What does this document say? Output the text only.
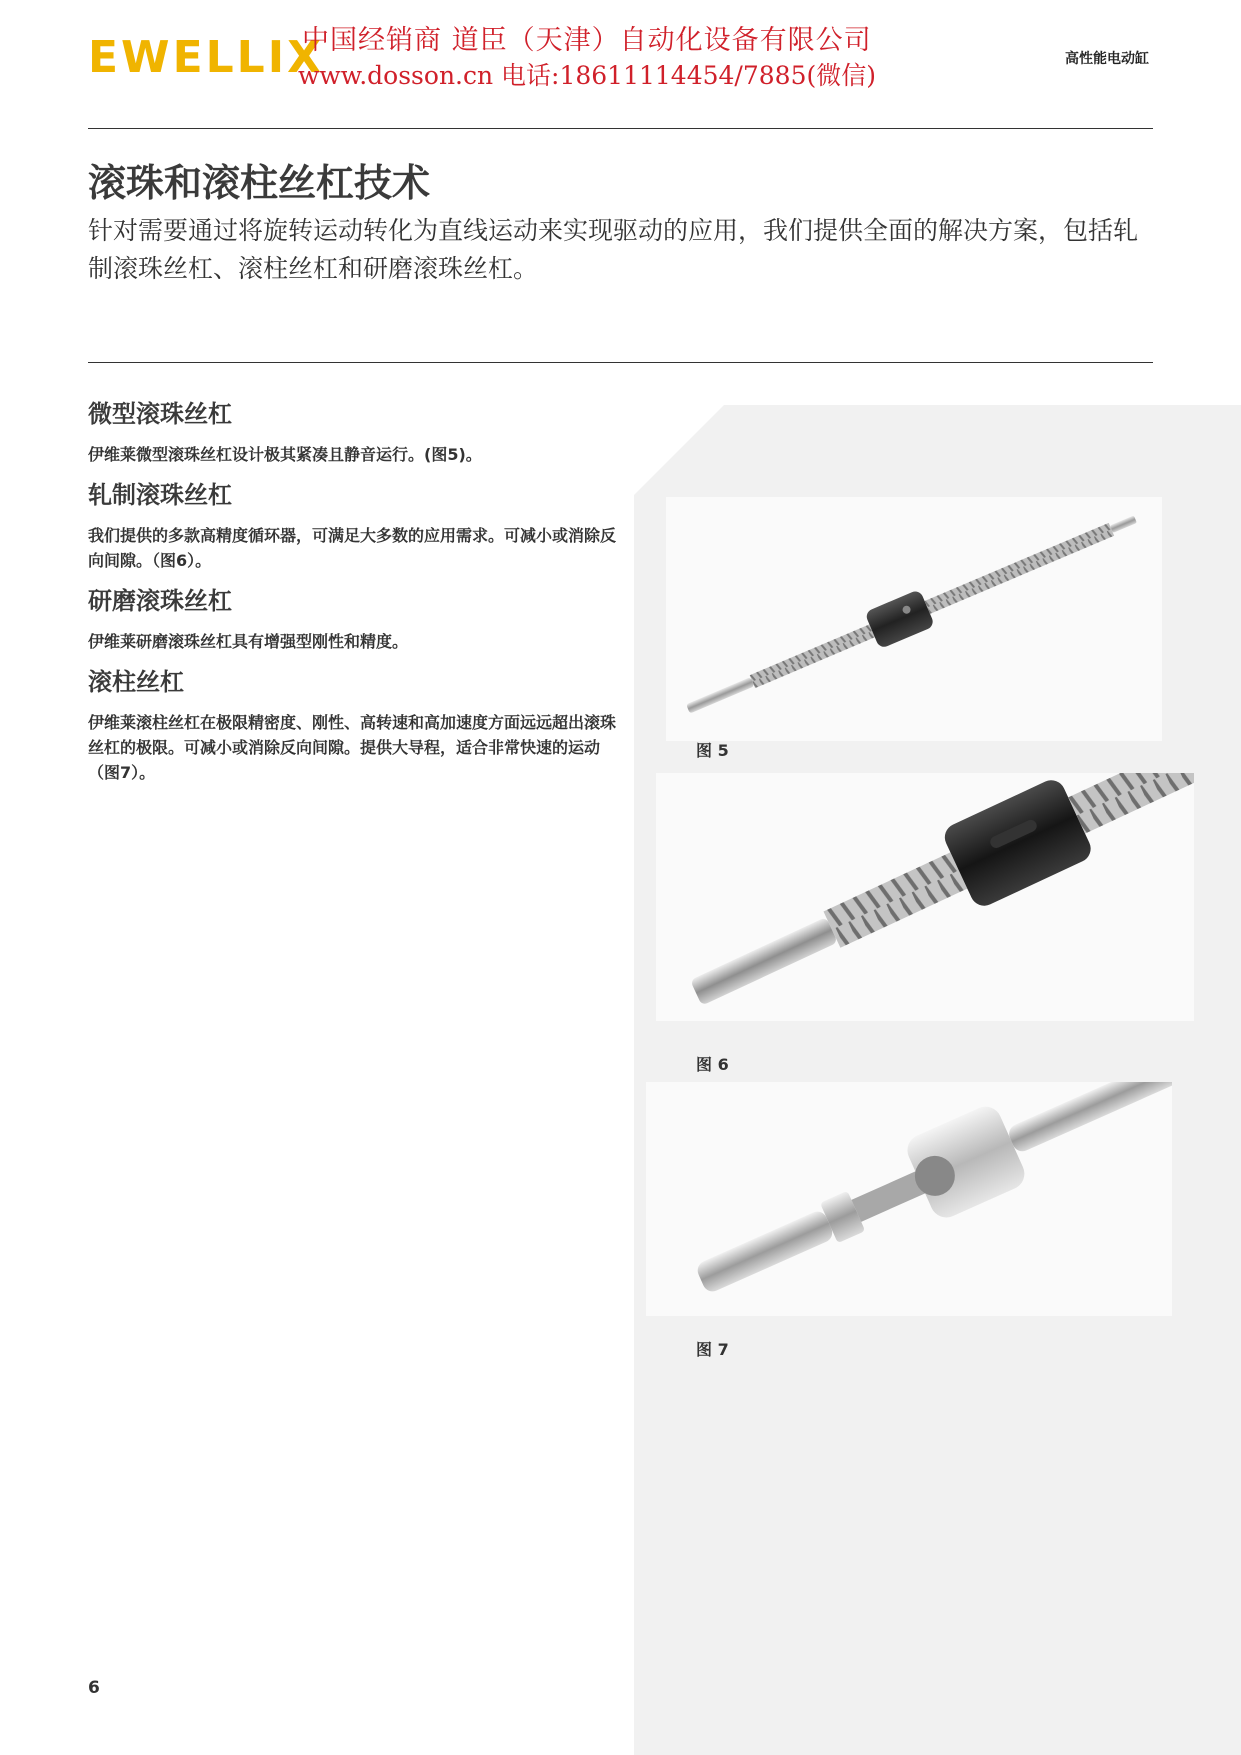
EWELLIX
中国经销商 道臣（天津）自动化设备有限公司
www.dosson.cn 电话:18611114454/7885(微信)
高性能电动缸
滚珠和滚柱丝杠技术
针对需要通过将旋转运动转化为直线运动来实现驱动的应用，我们提供全面的解决方案，包括轧制滚珠丝杠、滚柱丝杠和研磨滚珠丝杠。
微型滚珠丝杠

伊维莱微型滚珠丝杠设计极其紧凑且静音运行。(图5)。

轧制滚珠丝杠

我们提供的多款高精度循环器，可满足大多数的应用需求。可减小或消除反向间隙。（图6）。

研磨滚珠丝杠

伊维莱研磨滚珠丝杠具有增强型刚性和精度。

滚柱丝杠

伊维莱滚柱丝杠在极限精密度、刚性、高转速和高加速度方面远远超出滚珠丝杠的极限。可减小或消除反向间隙。提供大导程，适合非常快速的运动（图7）。

图 5
图 6
图 7
6
